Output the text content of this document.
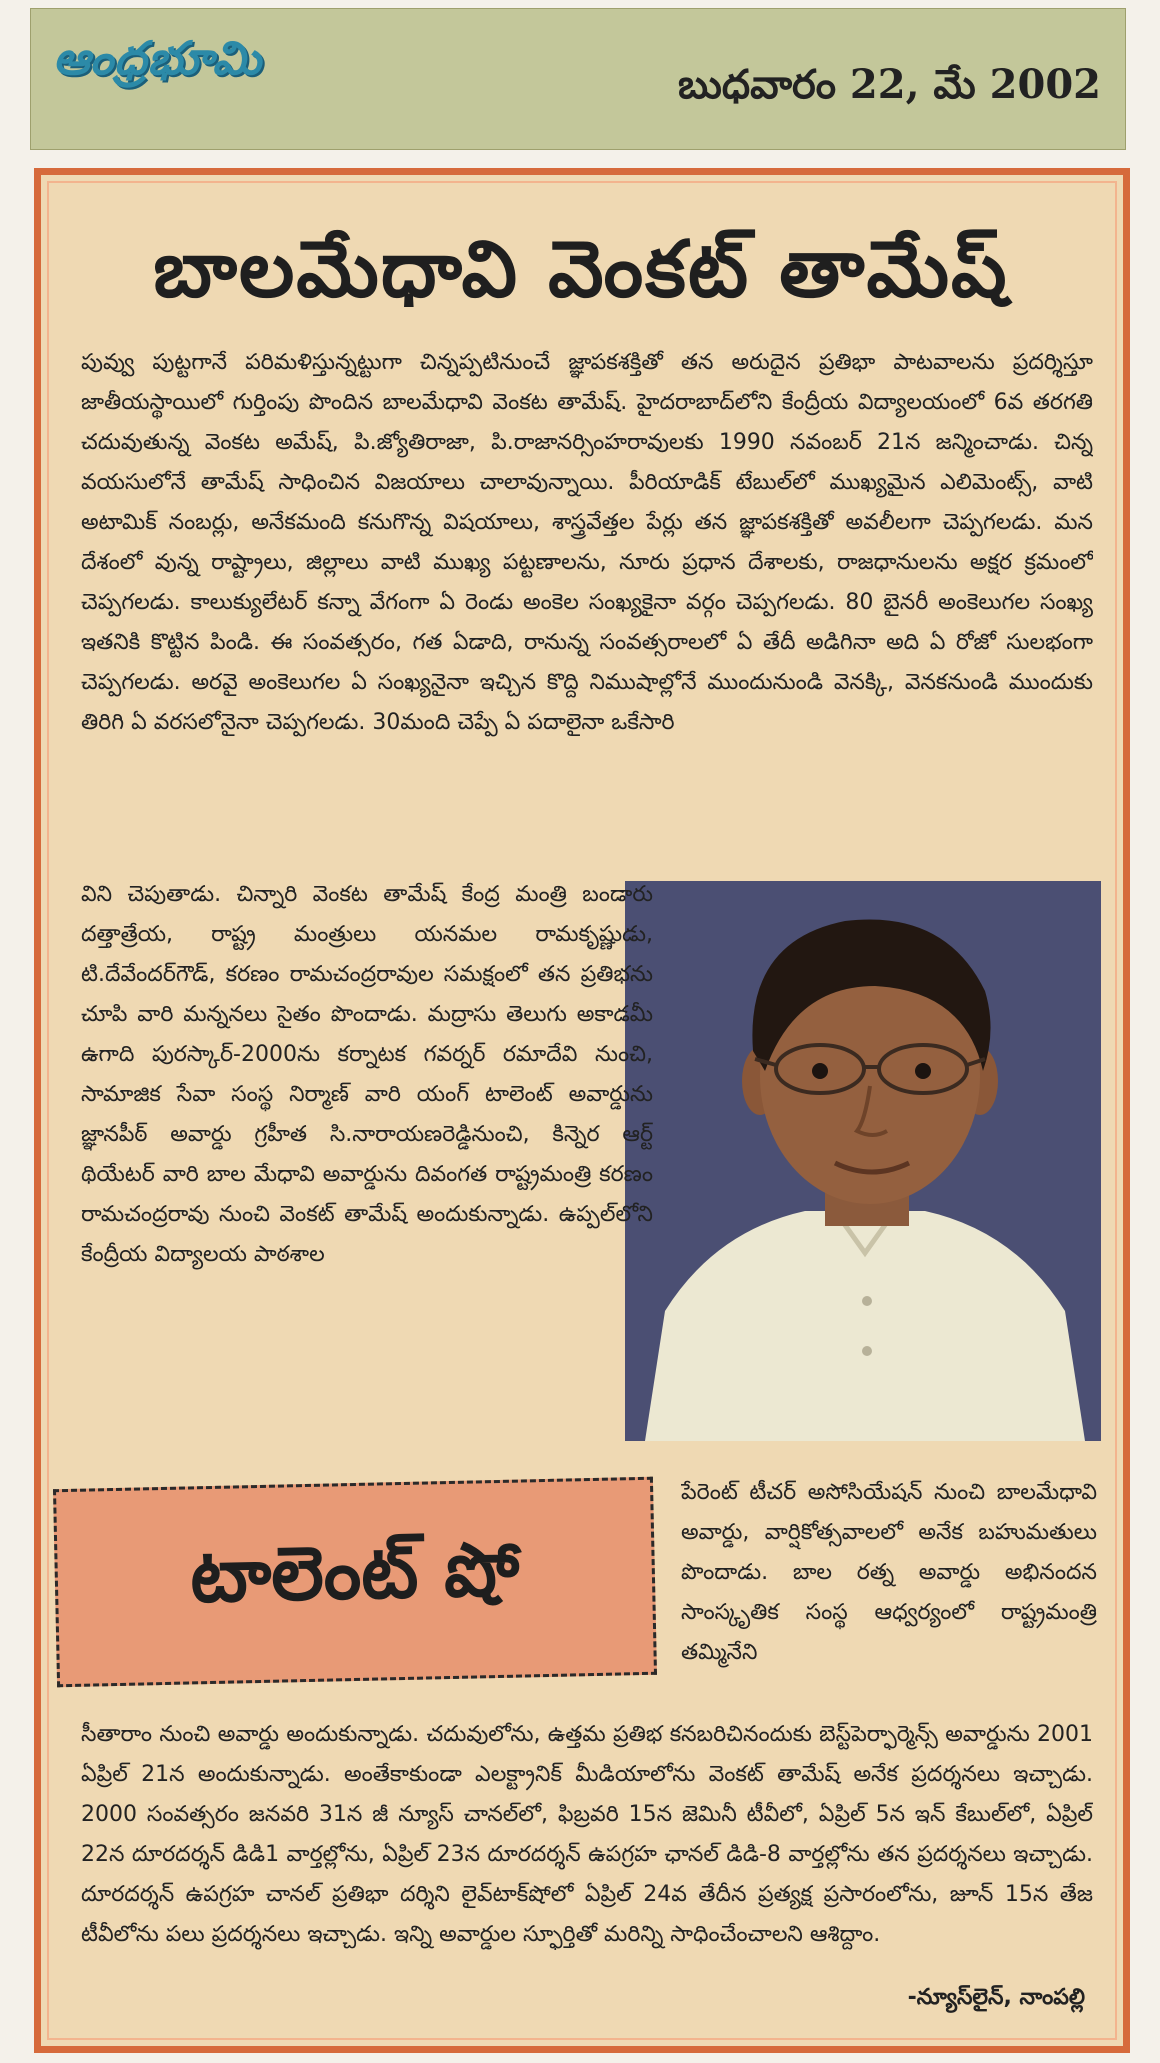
ఆంధ్రభూమి	బుధవారం 22, మే 2002
బాలమేధావి వెంకట్ తామేష్

పువ్వు పుట్టగానే పరిమళిస్తున్నట్టుగా చిన్నప్పటినుంచే జ్ఞాపకశక్తితో తన అరుదైన ప్రతిభా పాటవాలను ప్రదర్శిస్తూ జాతీయస్థాయిలో గుర్తింపు పొందిన బాలమేధావి వెంకట తామేష్. హైదరాబాద్‌లోని కేంద్రీయ విద్యాలయంలో 6వ తరగతి చదువుతున్న వెంకట అమేష్, పి.జ్యోతిరాజా, పి.రాజానర్సింహరావులకు 1990 నవంబర్ 21న జన్మించాడు. చిన్న వయసులోనే తామేష్ సాధించిన విజయాలు చాలావున్నాయి. పీరియాడిక్ టేబుల్‌లో ముఖ్యమైన ఎలిమెంట్స్, వాటి అటామిక్ నంబర్లు, అనేకమంది కనుగొన్న విషయాలు, శాస్త్రవేత్తల పేర్లు తన జ్ఞాపకశక్తితో అవలీలగా చెప్పగలడు. మన దేశంలో వున్న రాష్ట్రాలు, జిల్లాలు వాటి ముఖ్య పట్టణాలను, నూరు ప్రధాన దేశాలకు, రాజధానులను అక్షర క్రమంలో చెప్పగలడు. కాలుక్యులేటర్ కన్నా వేగంగా ఏ రెండు అంకెల సంఖ్యకైనా వర్గం చెప్పగలడు. 80 బైనరీ అంకెలుగల సంఖ్య ఇతనికి కొట్టిన పిండి. ఈ సంవత్సరం, గత ఏడాది, రానున్న సంవత్సరాలలో ఏ తేదీ అడిగినా అది ఏ రోజో సులభంగా చెప్పగలడు. అరవై అంకెలుగల ఏ సంఖ్యనైనా ఇచ్చిన కొద్ది నిముషాల్లోనే ముందునుండి వెనక్కి, వెనకనుండి ముందుకు తిరిగి ఏ వరసలోనైనా చెప్పగలడు. 30మంది చెప్పే ఏ పదాలైనా ఒకేసారి

విని చెపుతాడు. చిన్నారి వెంకట తామేష్ కేంద్ర మంత్రి బండారు దత్తాత్రేయ, రాష్ట్ర మంత్రులు యనమల రామకృష్ణుడు, టి.దేవేందర్‌గౌడ్, కరణం రామచంద్రరావుల సమక్షంలో తన ప్రతిభను చూపి వారి మన్ననలు సైతం పొందాడు. మద్రాసు తెలుగు అకాడమీ ఉగాది పురస్కార్-2000ను కర్నాటక గవర్నర్ రమాదేవి నుంచి, సామాజిక సేవా సంస్థ నిర్మాణ్ వారి యంగ్ టాలెంట్ అవార్డును జ్ఞానపీఠ్ అవార్డు గ్రహీత సి.నారాయణరెడ్డినుంచి, కిన్నెర ఆర్ట్ థియేటర్ వారి బాల మేధావి అవార్డును దివంగత రాష్ట్రమంత్రి కరణం రామచంద్రరావు నుంచి వెంకట్ తామేష్ అందుకున్నాడు. ఉప్పల్‌లోని కేంద్రీయ విద్యాలయ పాఠశాల

టాలెంట్ షో

పేరెంట్ టీచర్ అసోసియేషన్ నుంచి బాలమేధావి అవార్డు, వార్షికోత్సవాలలో అనేక బహుమతులు పొందాడు. బాల రత్న అవార్డు అభినందన సాంస్కృతిక సంస్థ ఆధ్వర్యంలో రాష్ట్రమంత్రి తమ్మినేని

సీతారాం నుంచి అవార్డు అందుకున్నాడు. చదువులోను, ఉత్తమ ప్రతిభ కనబరిచినందుకు బెస్ట్‌పెర్ఫార్మెన్స్ అవార్డును 2001 ఏప్రిల్ 21న అందుకున్నాడు. అంతేకాకుండా ఎలక్ట్రానిక్ మీడియాలోను వెంకట్ తామేష్ అనేక ప్రదర్శనలు ఇచ్చాడు. 2000 సంవత్సరం జనవరి 31న జీ న్యూస్ చానల్‌లో, ఫిబ్రవరి 15న జెమినీ టీవీలో, ఏప్రిల్ 5న ఇన్ కేబుల్‌లో, ఏప్రిల్ 22న దూరదర్శన్ డిడి1 వార్తల్లోను, ఏప్రిల్ 23న దూరదర్శన్ ఉపగ్రహ ఛానల్ డిడి-8 వార్తల్లోను తన ప్రదర్శనలు ఇచ్చాడు. దూరదర్శన్ ఉపగ్రహ చానల్ ప్రతిభా దర్శిని లైవ్‌టాక్‌షోలో ఏప్రిల్ 24వ తేదీన ప్రత్యక్ష ప్రసారంలోను, జూన్ 15న తేజ టీవీలోను పలు ప్రదర్శనలు ఇచ్చాడు. ఇన్ని అవార్డుల స్ఫూర్తితో మరిన్ని సాధించేంచాలని ఆశిద్దాం.

-న్యూస్‌లైన్, నాంపల్లి
